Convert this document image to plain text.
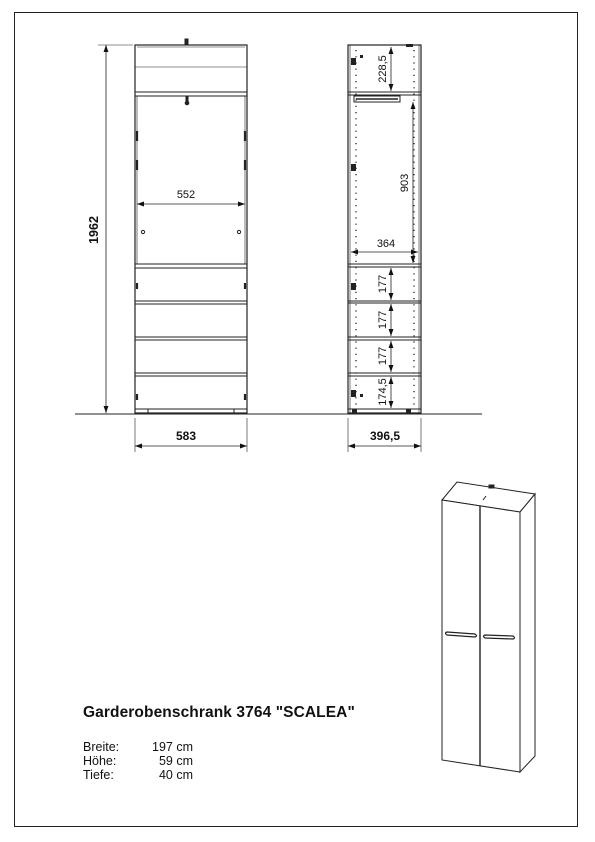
1962
552
583
228,5
903
364
177
177
177
174,5
396,5
Garderobenschrank 3764 "SCALEA"
Breite:	197 cm
Höhe:	59 cm
Tiefe:	40 cm
